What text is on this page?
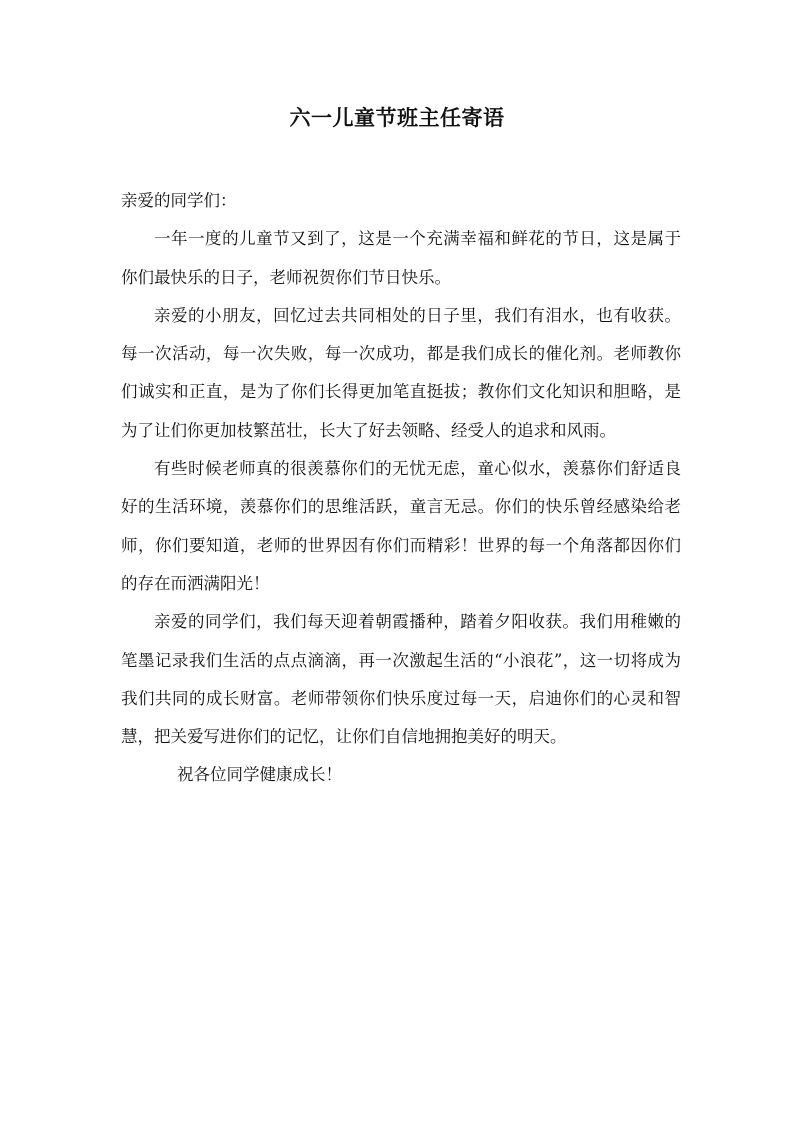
六一儿童节班主任寄语

亲爱的同学们：

一年一度的儿童节又到了，这是一个充满幸福和鲜花的节日，这是属于你们最快乐的日子，老师祝贺你们节日快乐。

亲爱的小朋友，回忆过去共同相处的日子里，我们有泪水，也有收获。每一次活动，每一次失败，每一次成功，都是我们成长的催化剂。老师教你们诚实和正直，是为了你们长得更加笔直挺拔；教你们文化知识和胆略，是为了让们你更加枝繁茁壮，长大了好去领略、经受人的追求和风雨。

有些时候老师真的很羡慕你们的无忧无虑，童心似水，羡慕你们舒适良好的生活环境，羡慕你们的思维活跃，童言无忌。你们的快乐曾经感染给老师，你们要知道，老师的世界因有你们而精彩！世界的每一个角落都因你们的存在而洒满阳光！

亲爱的同学们，我们每天迎着朝霞播种，踏着夕阳收获。我们用稚嫩的笔墨记录我们生活的点点滴滴，再一次激起生活的“小浪花”，这一切将成为我们共同的成长财富。老师带领你们快乐度过每一天，启迪你们的心灵和智慧，把关爱写进你们的记忆，让你们自信地拥抱美好的明天。

祝各位同学健康成长！
